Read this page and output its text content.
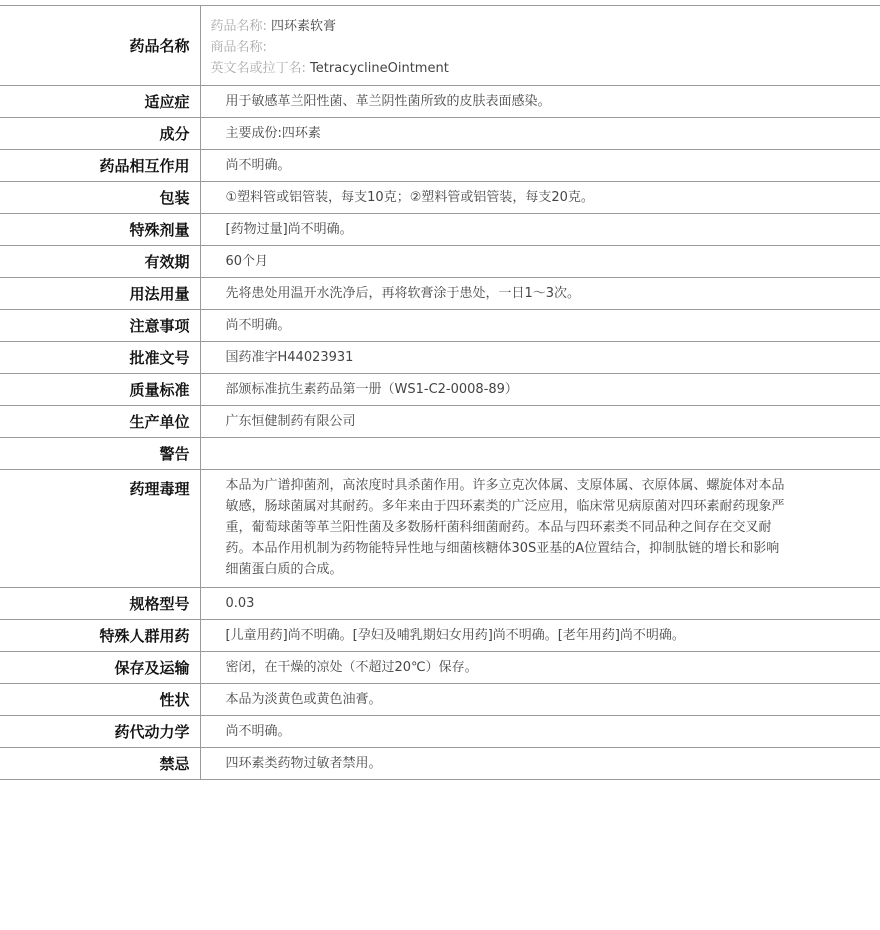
药品名称	药品名称: 四环素软膏
商品名称:
英文名或拉丁名: TetracyclineOintment

适应症	用于敏感革兰阳性菌、革兰阴性菌所致的皮肤表面感染。
成分	主要成份:四环素
药品相互作用	尚不明确。
包装	①塑料管或铝管装，每支10克；②塑料管或铝管装，每支20克。
特殊剂量	[药物过量]尚不明确。
有效期	60个月
用法用量	先将患处用温开水洗净后，再将软膏涂于患处，一日1～3次。
注意事项	尚不明确。
批准文号	国药准字H44023931
质量标准	部颁标准抗生素药品第一册（WS1-C2-0008-89）
生产单位	广东恒健制药有限公司
警告	
药理毒理	本品为广谱抑菌剂，高浓度时具杀菌作用。许多立克次体属、支原体属、衣原体属、螺旋体对本品敏感，肠球菌属对其耐药。多年来由于四环素类的广泛应用，临床常见病原菌对四环素耐药现象严重，葡萄球菌等革兰阳性菌及多数肠杆菌科细菌耐药。本品与四环素类不同品种之间存在交叉耐药。本品作用机制为药物能特异性地与细菌核糖体30S亚基的A位置结合，抑制肽链的增长和影响细菌蛋白质的合成。
规格型号	0.03
特殊人群用药	[儿童用药]尚不明确。[孕妇及哺乳期妇女用药]尚不明确。[老年用药]尚不明确。
保存及运输	密闭，在干燥的凉处（不超过20℃）保存。
性状	本品为淡黄色或黄色油膏。
药代动力学	尚不明确。
禁忌	四环素类药物过敏者禁用。
